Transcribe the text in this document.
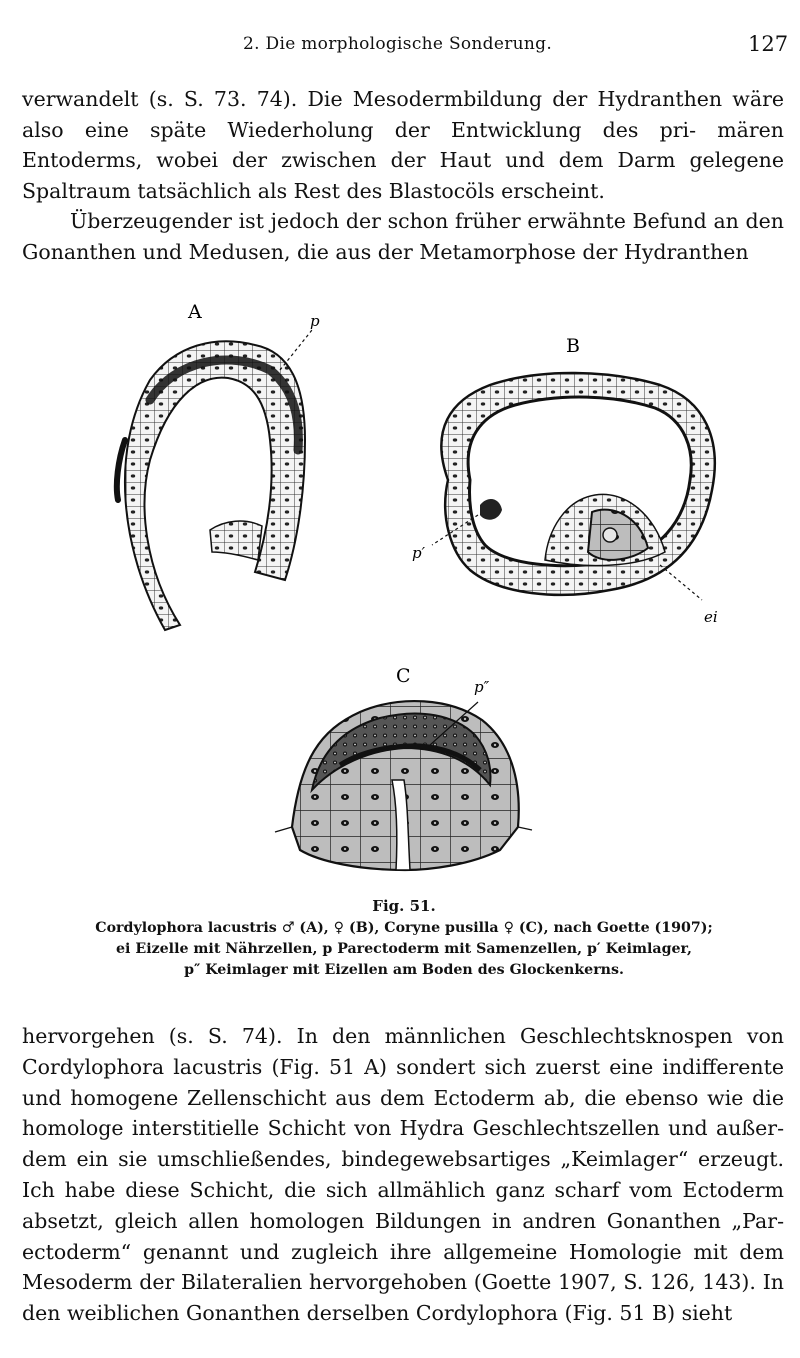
2. Die morphologische Sonderung.	127

verwandelt (s. S. 73. 74). Die Mesodermbildung der Hydranthen wäre also eine späte Wiederholung der Entwicklung des pri- mären Entoderms, wobei der zwischen der Haut und dem Darm gelegene Spaltraum tatsächlich als Rest des Blastocöls erscheint.

Überzeugender ist jedoch der schon früher erwähnte Befund an den Gonanthen und Medusen, die aus der Metamorphose der Hydranthen

A	p
B
p′
ei
C	p″
Fig. 51.
Cordylophora lacustris ♂ (A), ♀ (B), Coryne pusilla ♀ (C), nach Goette (1907);
ei Eizelle mit Nährzellen, p Parectoderm mit Samenzellen, p′ Keimlager,
p″ Keimlager mit Eizellen am Boden des Glockenkerns.

hervorgehen (s. S. 74). In den männlichen Geschlechtsknospen von Cordylophora lacustris (Fig. 51 A) sondert sich zuerst eine indifferente und homogene Zellenschicht aus dem Ectoderm ab, die ebenso wie die homologe interstitielle Schicht von Hydra Geschlechtszellen und außer- dem ein sie umschließendes, bindegewebsartiges „Keimlager“ erzeugt. Ich habe diese Schicht, die sich allmählich ganz scharf vom Ectoderm absetzt, gleich allen homologen Bildungen in andren Gonanthen „Par- ectoderm“ genannt und zugleich ihre allgemeine Homologie mit dem Mesoderm der Bilateralien hervorgehoben (Goette 1907, S. 126, 143). In den weiblichen Gonanthen derselben Cordylophora (Fig. 51 B) sieht
